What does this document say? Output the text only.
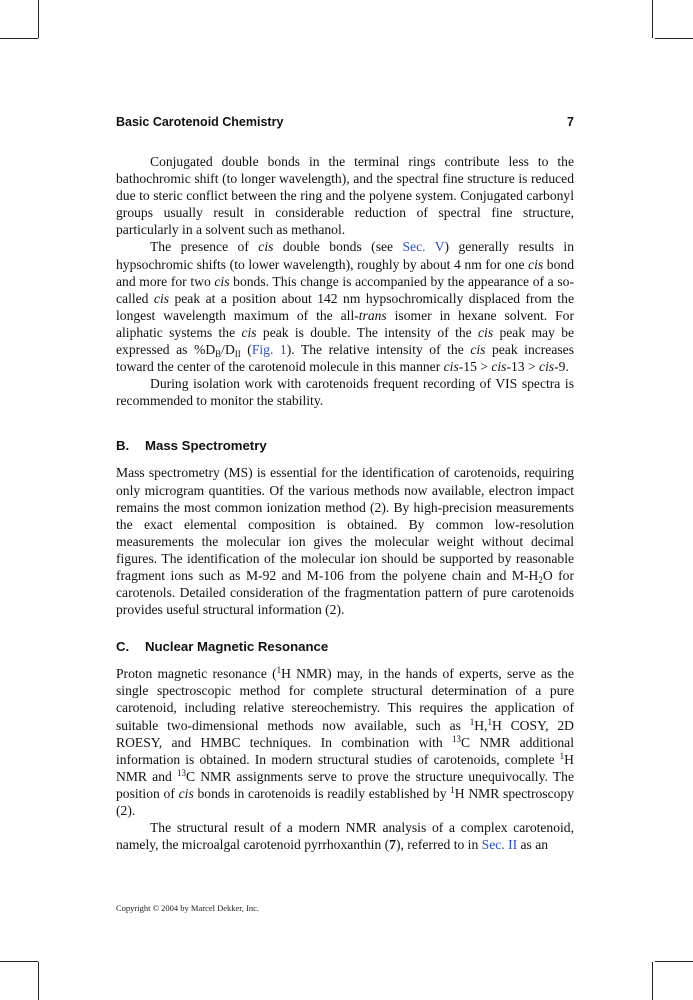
Basic Carotenoid Chemistry	7

Conjugated double bonds in the terminal rings contribute less to the bathochromic shift (to longer wavelength), and the spectral fine structure is reduced due to steric conflict between the ring and the polyene system. Conjugated carbonyl groups usually result in considerable reduction of spectral fine structure, particularly in a solvent such as methanol.

The presence of cis double bonds (see Sec. V) generally results in hypsochromic shifts (to lower wavelength), roughly by about 4 nm for one cis bond and more for two cis bonds. This change is accompanied by the appearance of a so-called cis peak at a position about 142 nm hypsochromically displaced from the longest wavelength maximum of the all-trans isomer in hexane solvent. For aliphatic systems the cis peak is double. The intensity of the cis peak may be expressed as $\%D_B/D_{II}$ (Fig. 1). The relative intensity of the cis peak increases toward the center of the carotenoid molecule in this manner cis-15 > cis-13 > cis-9.

During isolation work with carotenoids frequent recording of VIS spectra is recommended to monitor the stability.

B. Mass Spectrometry

Mass spectrometry (MS) is essential for the identification of carotenoids, requiring only microgram quantities. Of the various methods now available, electron impact remains the most common ionization method (2). By high-precision measurements the exact elemental composition is obtained. By common low-resolution measurements the molecular ion gives the molecular weight without decimal figures. The identification of the molecular ion should be supported by reasonable fragment ions such as M-92 and M-106 from the polyene chain and $M-H_2O$ for carotenols. Detailed consideration of the fragmentation pattern of pure carotenoids provides useful structural information (2).

C. Nuclear Magnetic Resonance

Proton magnetic resonance ($^1$H NMR) may, in the hands of experts, serve as the single spectroscopic method for complete structural determination of a pure carotenoid, including relative stereochemistry. This requires the application of suitable two-dimensional methods now available, such as $^1$H,$^1$H COSY, 2D ROESY, and HMBC techniques. In combination with $^{13}$C NMR additional information is obtained. In modern structural studies of carotenoids, complete $^1$H NMR and $^{13}$C NMR assignments serve to prove the structure unequivocally. The position of cis bonds in carotenoids is readily established by $^1$H NMR spectroscopy (2).

The structural result of a modern NMR analysis of a complex carotenoid, namely, the microalgal carotenoid pyrrhoxanthin (7), referred to in Sec. II as an

Copyright © 2004 by Marcel Dekker, Inc.
